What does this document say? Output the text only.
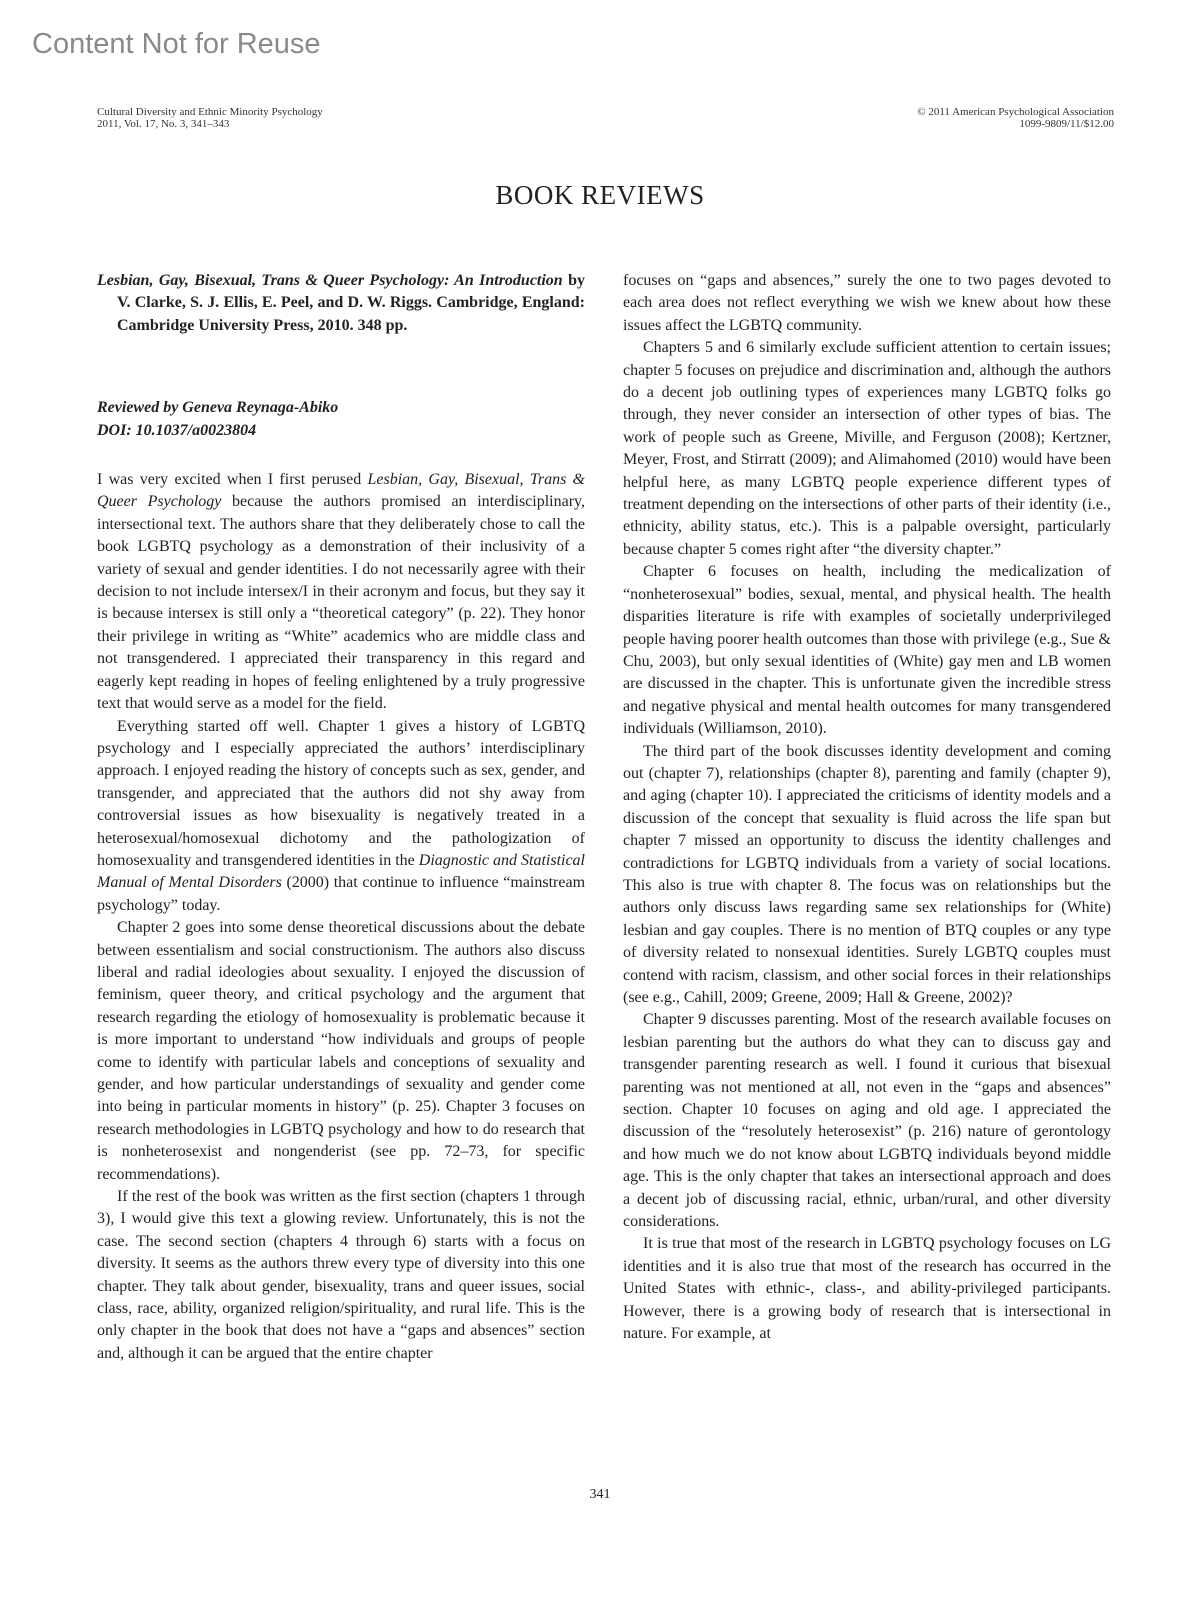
Content Not for Reuse
Cultural Diversity and Ethnic Minority Psychology
2011, Vol. 17, No. 3, 341–343
© 2011 American Psychological Association
1099-9809/11/$12.00
BOOK REVIEWS
Lesbian, Gay, Bisexual, Trans & Queer Psychology: An Introduction by V. Clarke, S. J. Ellis, E. Peel, and D. W. Riggs. Cambridge, England: Cambridge University Press, 2010. 348 pp.
Reviewed by Geneva Reynaga-Abiko
DOI: 10.1037/a0023804

I was very excited when I first perused Lesbian, Gay, Bisexual, Trans & Queer Psychology because the authors promised an interdisciplinary, intersectional text. The authors share that they deliberately chose to call the book LGBTQ psychology as a demonstration of their inclusivity of a variety of sexual and gender identities. I do not necessarily agree with their decision to not include intersex/I in their acronym and focus, but they say it is because intersex is still only a “theoretical category” (p. 22). They honor their privilege in writing as “White” academics who are middle class and not transgendered. I appreciated their transparency in this regard and eagerly kept reading in hopes of feeling enlightened by a truly progressive text that would serve as a model for the field.

Everything started off well. Chapter 1 gives a history of LGBTQ psychology and I especially appreciated the authors’ interdisciplinary approach. I enjoyed reading the history of concepts such as sex, gender, and transgender, and appreciated that the authors did not shy away from controversial issues as how bisexuality is negatively treated in a heterosexual/homosexual dichotomy and the pathologization of homosexuality and transgendered identities in the Diagnostic and Statistical Manual of Mental Disorders (2000) that continue to influence “mainstream psychology” today.

Chapter 2 goes into some dense theoretical discussions about the debate between essentialism and social constructionism. The authors also discuss liberal and radial ideologies about sexuality. I enjoyed the discussion of feminism, queer theory, and critical psychology and the argument that research regarding the etiology of homosexuality is problematic because it is more important to understand “how individuals and groups of people come to identify with particular labels and conceptions of sexuality and gender, and how particular understandings of sexuality and gender come into being in particular moments in history” (p. 25). Chapter 3 focuses on research methodologies in LGBTQ psychology and how to do research that is nonheterosexist and nongenderist (see pp. 72–73, for specific recommendations).

If the rest of the book was written as the first section (chapters 1 through 3), I would give this text a glowing review. Unfortunately, this is not the case. The second section (chapters 4 through 6) starts with a focus on diversity. It seems as the authors threw every type of diversity into this one chapter. They talk about gender, bisexuality, trans and queer issues, social class, race, ability, organized religion/spirituality, and rural life. This is the only chapter in the book that does not have a “gaps and absences” section and, although it can be argued that the entire chapter

focuses on “gaps and absences,” surely the one to two pages devoted to each area does not reflect everything we wish we knew about how these issues affect the LGBTQ community.

Chapters 5 and 6 similarly exclude sufficient attention to certain issues; chapter 5 focuses on prejudice and discrimination and, although the authors do a decent job outlining types of experiences many LGBTQ folks go through, they never consider an intersection of other types of bias. The work of people such as Greene, Miville, and Ferguson (2008); Kertzner, Meyer, Frost, and Stirratt (2009); and Alimahomed (2010) would have been helpful here, as many LGBTQ people experience different types of treatment depending on the intersections of other parts of their identity (i.e., ethnicity, ability status, etc.). This is a palpable oversight, particularly because chapter 5 comes right after “the diversity chapter.”

Chapter 6 focuses on health, including the medicalization of “nonheterosexual” bodies, sexual, mental, and physical health. The health disparities literature is rife with examples of societally underprivileged people having poorer health outcomes than those with privilege (e.g., Sue & Chu, 2003), but only sexual identities of (White) gay men and LB women are discussed in the chapter. This is unfortunate given the incredible stress and negative physical and mental health outcomes for many transgendered individuals (Williamson, 2010).

The third part of the book discusses identity development and coming out (chapter 7), relationships (chapter 8), parenting and family (chapter 9), and aging (chapter 10). I appreciated the criticisms of identity models and a discussion of the concept that sexuality is fluid across the life span but chapter 7 missed an opportunity to discuss the identity challenges and contradictions for LGBTQ individuals from a variety of social locations. This also is true with chapter 8. The focus was on relationships but the authors only discuss laws regarding same sex relationships for (White) lesbian and gay couples. There is no mention of BTQ couples or any type of diversity related to nonsexual identities. Surely LGBTQ couples must contend with racism, classism, and other social forces in their relationships (see e.g., Cahill, 2009; Greene, 2009; Hall & Greene, 2002)?

Chapter 9 discusses parenting. Most of the research available focuses on lesbian parenting but the authors do what they can to discuss gay and transgender parenting research as well. I found it curious that bisexual parenting was not mentioned at all, not even in the “gaps and absences” section. Chapter 10 focuses on aging and old age. I appreciated the discussion of the “resolutely heterosexist” (p. 216) nature of gerontology and how much we do not know about LGBTQ individuals beyond middle age. This is the only chapter that takes an intersectional approach and does a decent job of discussing racial, ethnic, urban/rural, and other diversity considerations.

It is true that most of the research in LGBTQ psychology focuses on LG identities and it is also true that most of the research has occurred in the United States with ethnic-, class-, and ability-privileged participants. However, there is a growing body of research that is intersectional in nature. For example, at

341
